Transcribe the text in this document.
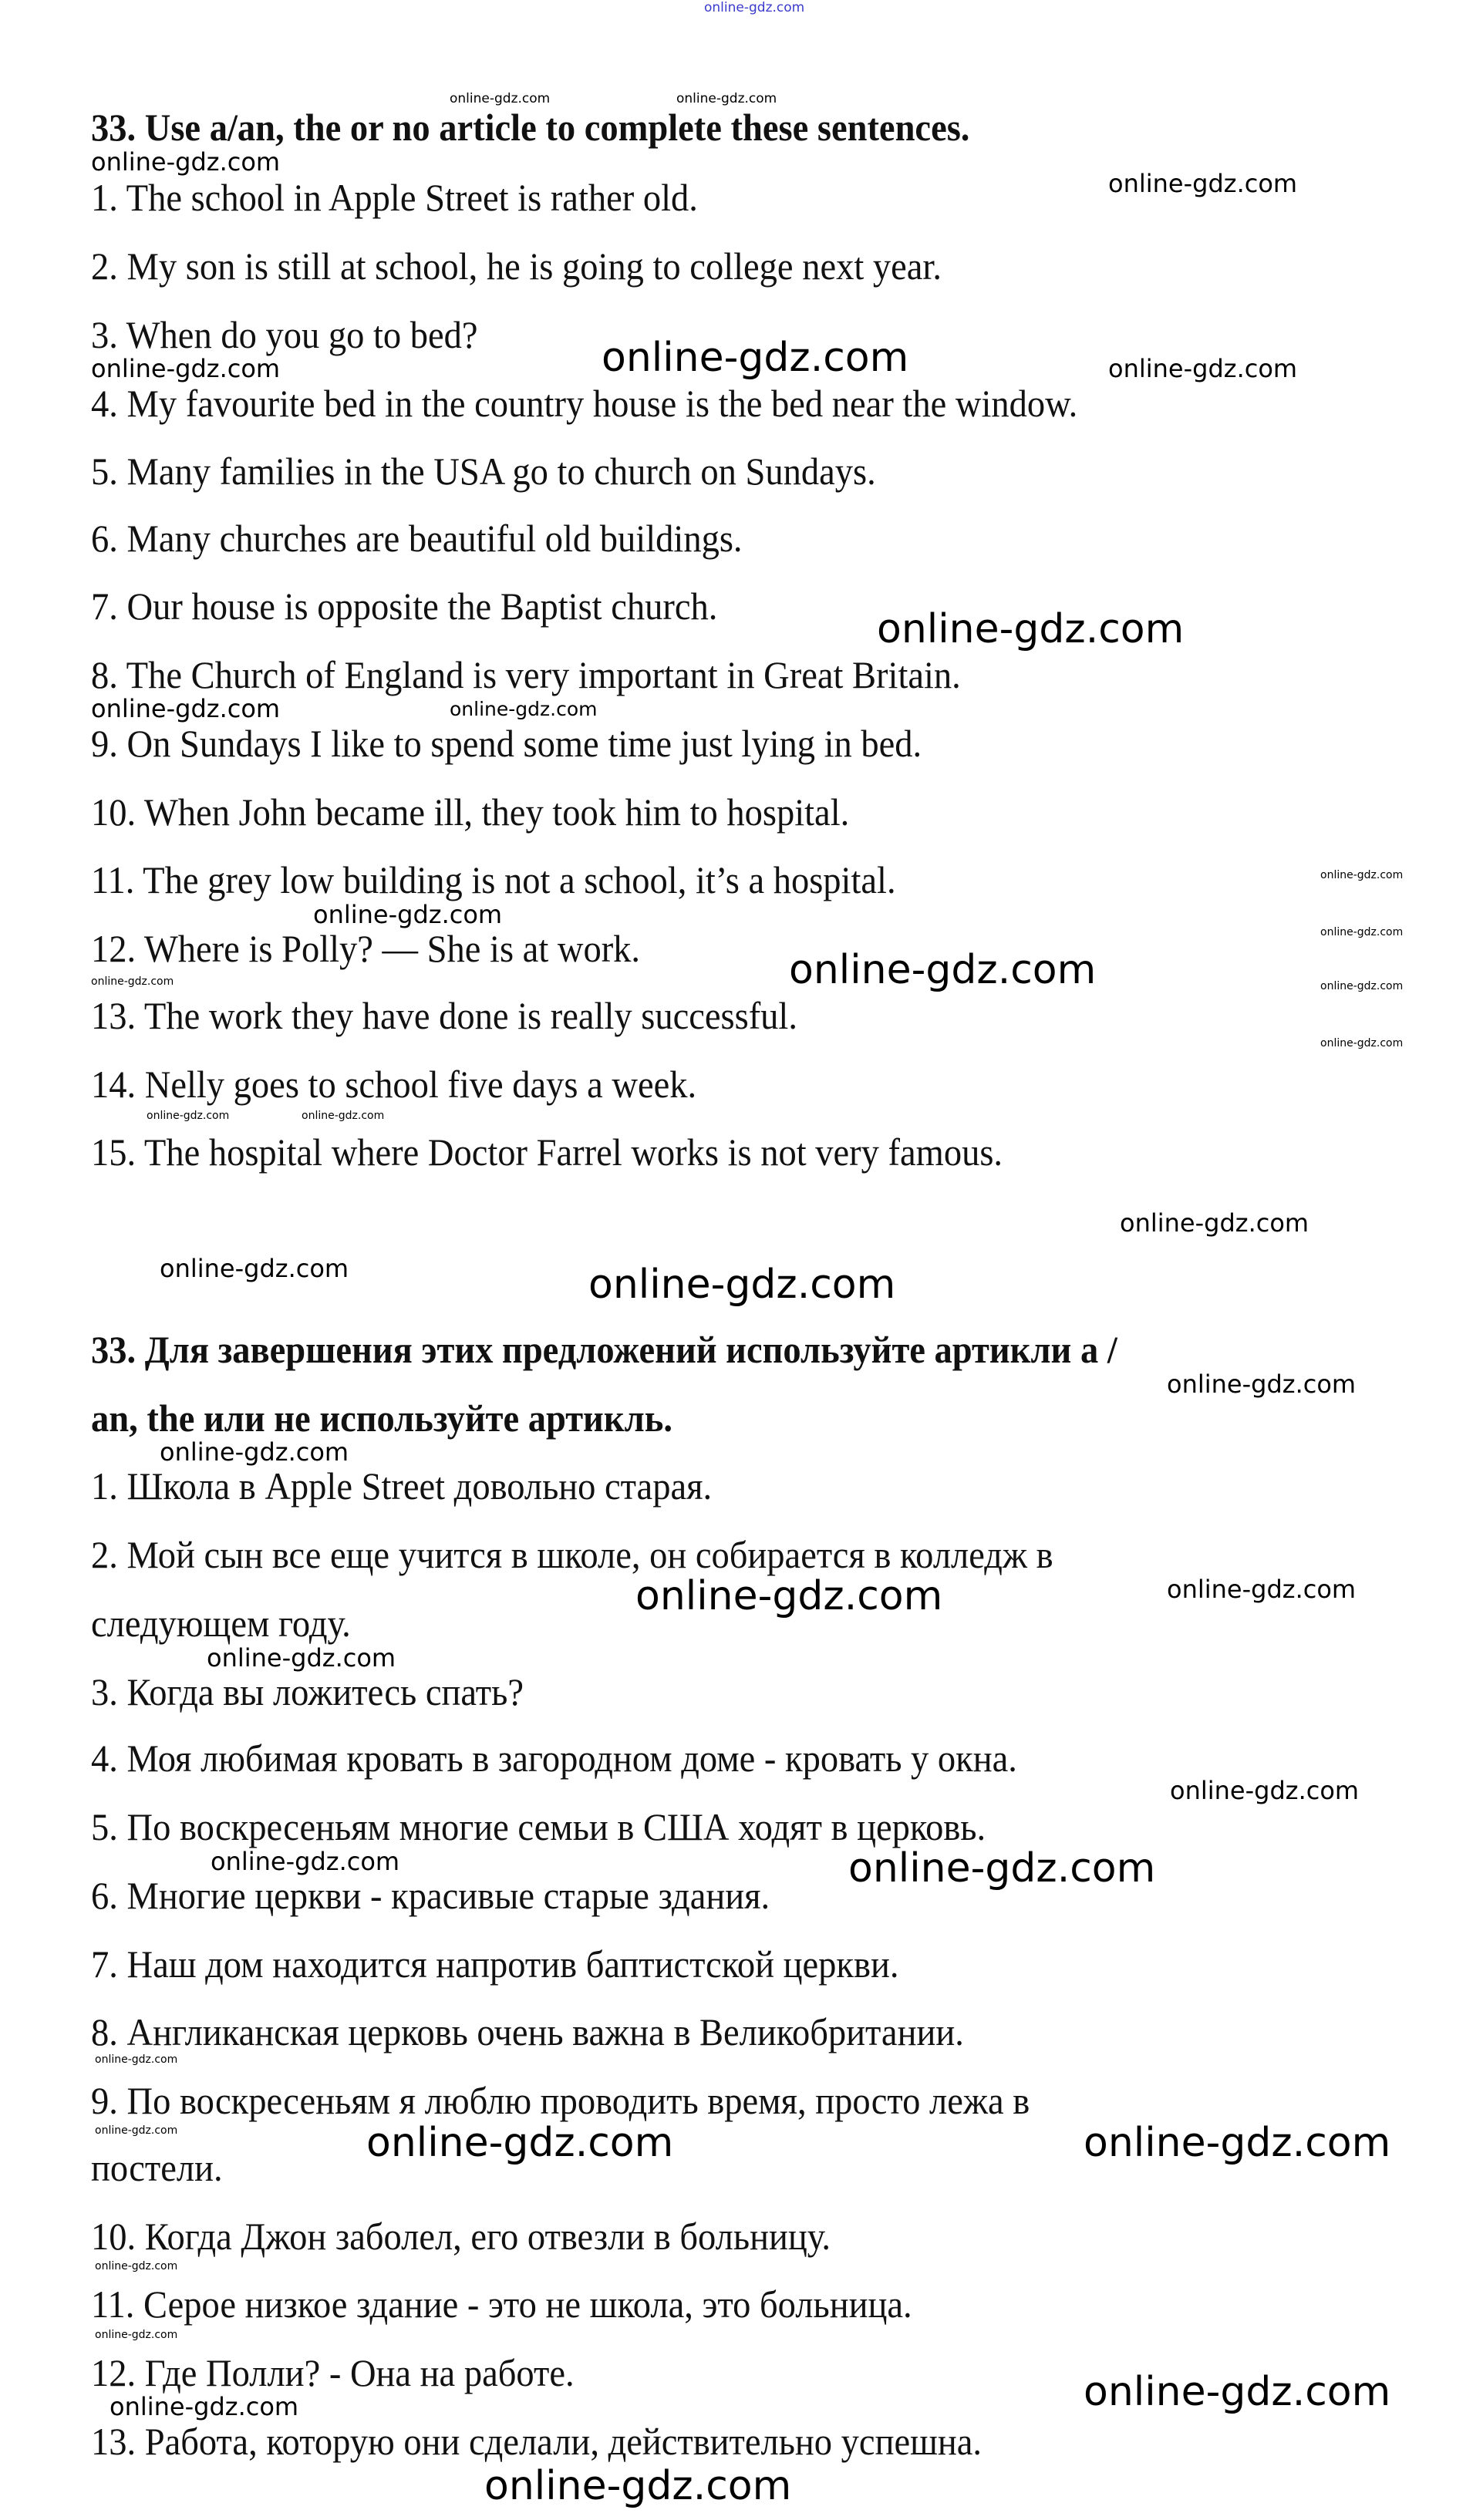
33. Use a/an, the or no article to complete these sentences.
1. The school in Apple Street is rather old.
2. My son is still at school, he is going to college next year.
3. When do you go to bed?
4. My favourite bed in the country house is the bed near the window.
5. Many families in the USA go to church on Sundays.
6. Many churches are beautiful old buildings.
7. Our house is opposite the Baptist church.
8. The Church of England is very important in Great Britain.
9. On Sundays I like to spend some time just lying in bed.
10. When John became ill, they took him to hospital.
11. The grey low building is not a school, it’s a hospital.
12. Where is Polly? — She is at work.
13. The work they have done is really successful.
14. Nelly goes to school five days a week.
15. The hospital where Doctor Farrel works is not very famous.
33. Для завершения этих предложений используйте артикли a /
an, the или не используйте артикль.
1. Школа в Apple Street довольно старая.
2. Мой сын все еще учится в школе, он собирается в колледж в
следующем году.
3. Когда вы ложитесь спать?
4. Моя любимая кровать в загородном доме - кровать у окна.
5. По воскресеньям многие семьи в США ходят в церковь.
6. Многие церкви - красивые старые здания.
7. Наш дом находится напротив баптистской церкви.
8. Англиканская церковь очень важна в Великобритании.
9. По воскресеньям я люблю проводить время, просто лежа в
постели.
10. Когда Джон заболел, его отвезли в больницу.
11. Серое низкое здание - это не школа, это больница.
12. Где Полли? - Она на работе.
13. Работа, которую они сделали, действительно успешна.
online-gdz.com
online-gdz.com	online-gdz.com
online-gdz.com
online-gdz.com
online-gdz.com	online-gdz.com	online-gdz.com
online-gdz.com
online-gdz.com	online-gdz.com
online-gdz.com
online-gdz.com
online-gdz.com
online-gdz.com	online-gdz.com
online-gdz.com
online-gdz.com
online-gdz.com	online-gdz.com
online-gdz.com
online-gdz.com	online-gdz.com
online-gdz.com
online-gdz.com
online-gdz.com	online-gdz.com
online-gdz.com
online-gdz.com
online-gdz.com	online-gdz.com
online-gdz.com
online-gdz.com	online-gdz.com
online-gdz.com
online-gdz.com
online-gdz.com
online-gdz.com
online-gdz.com
online-gdz.com
